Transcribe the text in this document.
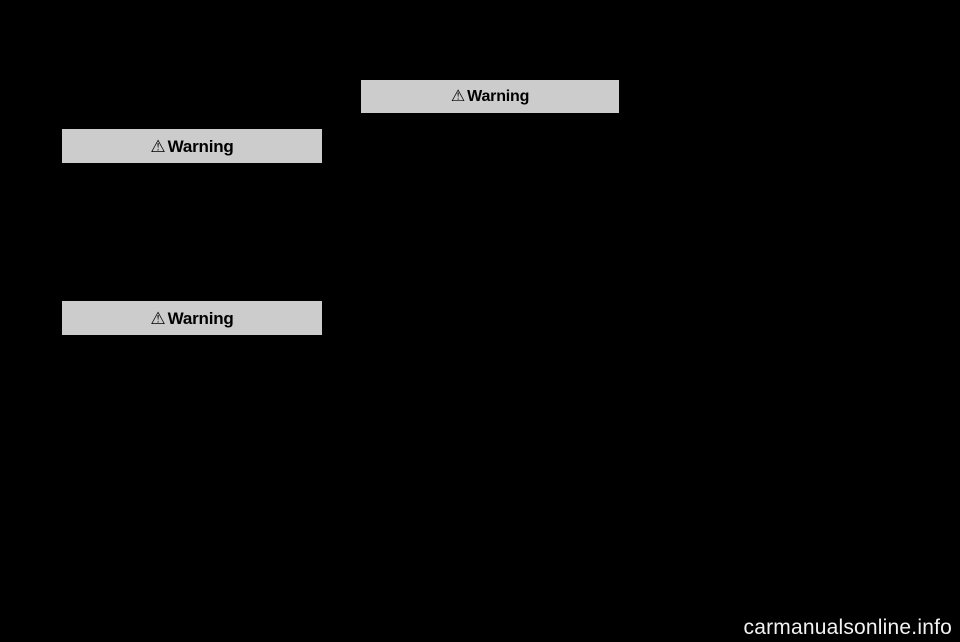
⚠ Warning
⚠ Warning
⚠ Warning
carmanualsonline.info
